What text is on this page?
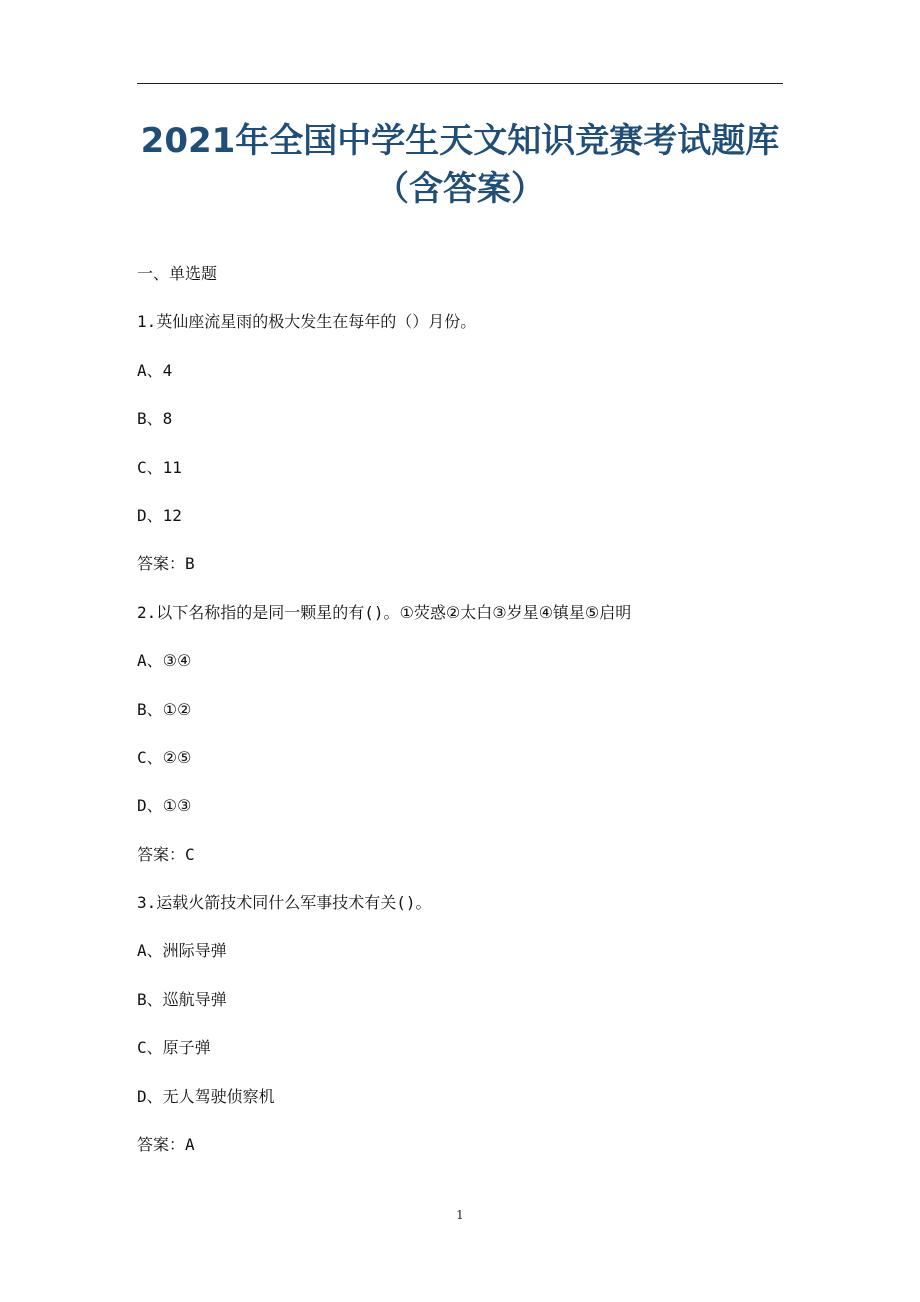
2021年全国中学生天文知识竞赛考试题库
（含答案）
一、单选题
1.英仙座流星雨的极大发生在每年的（）月份。
A、4
B、8
C、11
D、12
答案：B
2.以下名称指的是同一颗星的有()。①荧惑②太白③岁星④镇星⑤启明
A、③④
B、①②
C、②⑤
D、①③
答案：C
3.运载火箭技术同什么军事技术有关()。
A、洲际导弹
B、巡航导弹
C、原子弹
D、无人驾驶侦察机
答案：A
1
